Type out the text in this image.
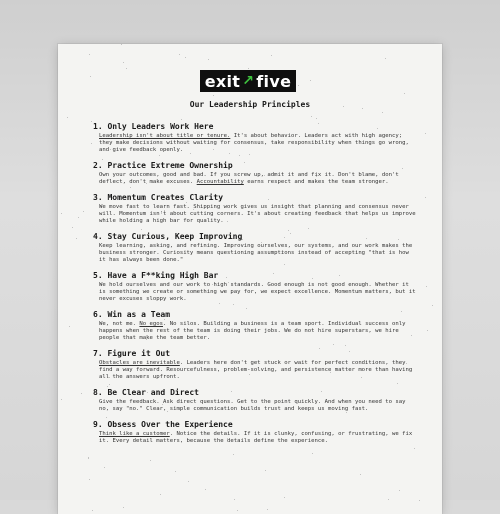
exit ↗ five
Our Leadership Principles
1. Only Leaders Work Here

Leadership isn't about title or tenure. It's about behavior. Leaders act with high agency; they make decisions without waiting for consensus, take responsibility when things go wrong, and give feedback openly.

2. Practice Extreme Ownership

Own your outcomes, good and bad. If you screw up, admit it and fix it. Don't blame, don't deflect, don't make excuses. Accountability earns respect and makes the team stronger.

3. Momentum Creates Clarity

We move fast to learn fast. Shipping work gives us insight that planning and consensus never will. Momentum isn't about cutting corners. It's about creating feedback that helps us improve while holding a high bar for quality.

4. Stay Curious, Keep Improving

Keep learning, asking, and refining. Improving ourselves, our systems, and our work makes the business stronger. Curiosity means questioning assumptions instead of accepting "that is how it has always been done."

5. Have a F**king High Bar

We hold ourselves and our work to high standards. Good enough is not good enough. Whether it is something we create or something we pay for, we expect excellence. Momentum matters, but it never excuses sloppy work.

6. Win as a Team

We, not me. No egos. No silos. Building a business is a team sport. Individual success only happens when the rest of the team is doing their jobs. We do not hire superstars, we hire people that make the team better.

7. Figure it Out

Obstacles are inevitable. Leaders here don't get stuck or wait for perfect conditions, they find a way forward. Resourcefulness, problem-solving, and persistence matter more than having all the answers upfront.

8. Be Clear and Direct

Give the feedback. Ask direct questions. Get to the point quickly. And when you need to say no, say "no." Clear, simple communication builds trust and keeps us moving fast.

9. Obsess Over the Experience

Think like a customer. Notice the details. If it is clunky, confusing, or frustrating, we fix it. Every detail matters, because the details define the experience.
